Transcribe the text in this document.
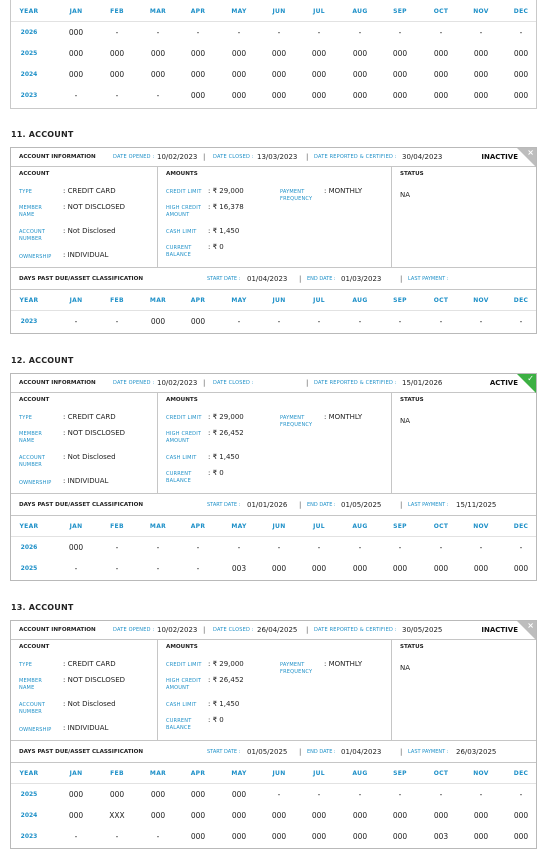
YEAR	JAN	FEB	MAR	APR	MAY	JUN	JUL	AUG	SEP	OCT	NOV	DEC
2026	000	-	-	-	-	-	-	-	-	-	-	-
2025	000	000	000	000	000	000	000	000	000	000	000	000
2024	000	000	000	000	000	000	000	000	000	000	000	000
2023	-	-	-	000	000	000	000	000	000	000	000	000
11. ACCOUNT
ACCOUNT INFORMATION	DATE OPENED : 10/02/2023 | DATE CLOSED : 13/03/2023 | DATE REPORTED & CERTIFIED : 30/04/2023	INACTIVE ×
ACCOUNT
TYPE	: CREDIT CARD
MEMBER NAME
: NOT DISCLOSED
ACCOUNT NUMBER
: Not Disclosed
OWNERSHIP : INDIVIDUAL
AMOUNTS
CREDIT LIMIT : ₹ 29,000
HIGH CREDIT AMOUNT
: ₹ 16,378
CASH LIMIT : ₹ 1,450
CURRENT BALANCE
: ₹ 0
PAYMENT FREQUENCY
: MONTHLY
STATUS
NA
DAYS PAST DUE/ASSET CLASSIFICATION	START DATE : 01/04/2023 | END DATE : 01/03/2023	| LAST PAYMENT :
YEAR	JAN	FEB	MAR	APR	MAY	JUN	JUL	AUG	SEP	OCT	NOV	DEC
2023	-	-	000	000	-	-	-	-	-	-	-	-
12. ACCOUNT
ACCOUNT INFORMATION	DATE OPENED : 10/02/2023 | DATE CLOSED :	| DATE REPORTED & CERTIFIED : 15/01/2026	ACTIVE ✓
ACCOUNT
TYPE	: CREDIT CARD
MEMBER NAME
: NOT DISCLOSED
ACCOUNT NUMBER
: Not Disclosed
OWNERSHIP : INDIVIDUAL
AMOUNTS
CREDIT LIMIT : ₹ 29,000
HIGH CREDIT AMOUNT
: ₹ 26,452
CASH LIMIT : ₹ 1,450
CURRENT BALANCE
: ₹ 0
PAYMENT FREQUENCY
: MONTHLY
STATUS
NA
DAYS PAST DUE/ASSET CLASSIFICATION	START DATE : 01/01/2026 | END DATE : 01/05/2025	| LAST PAYMENT : 15/11/2025
YEAR	JAN	FEB	MAR	APR	MAY	JUN	JUL	AUG	SEP	OCT	NOV	DEC
2026	000	-	-	-	-	-	-	-	-	-	-	-
2025	-	-	-	-	003	000	000	000	000	000	000	000
13. ACCOUNT
ACCOUNT INFORMATION	DATE OPENED : 10/02/2023 | DATE CLOSED : 26/04/2025 | DATE REPORTED & CERTIFIED : 30/05/2025	INACTIVE ×
ACCOUNT
TYPE	: CREDIT CARD
MEMBER NAME
: NOT DISCLOSED
ACCOUNT NUMBER
: Not Disclosed
OWNERSHIP : INDIVIDUAL
AMOUNTS
CREDIT LIMIT : ₹ 29,000
HIGH CREDIT AMOUNT
: ₹ 26,452
CASH LIMIT : ₹ 1,450
CURRENT BALANCE
: ₹ 0
PAYMENT FREQUENCY
: MONTHLY
STATUS
NA
DAYS PAST DUE/ASSET CLASSIFICATION	START DATE : 01/05/2025 | END DATE : 01/04/2023	| LAST PAYMENT : 26/03/2025
YEAR	JAN	FEB	MAR	APR	MAY	JUN	JUL	AUG	SEP	OCT	NOV	DEC
2025	000	000	000	000	000	-	-	-	-	-	-	-
2024	000	XXX	000	000	000	000	000	000	000	000	000	000
2023	-	-	-	000	000	000	000	000	000	003	000	000
